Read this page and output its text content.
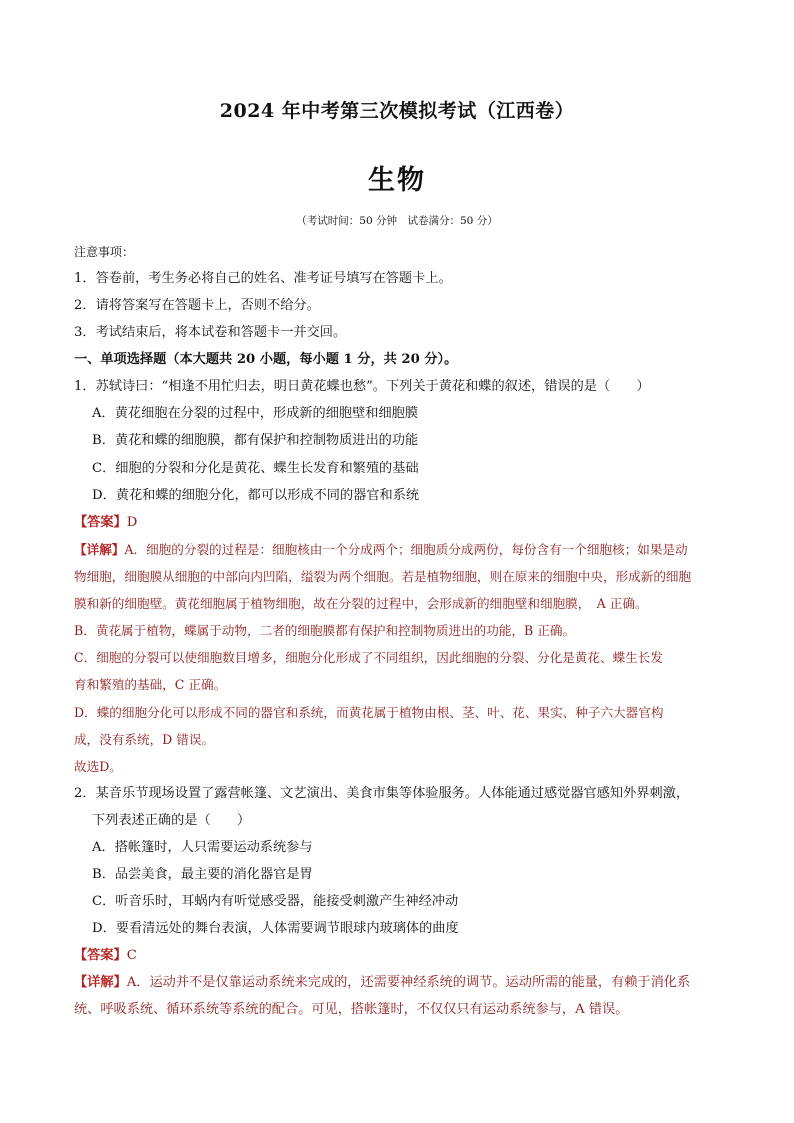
2024 年中考第三次模拟考试（江西卷）
生物
（考试时间：50 分钟　试卷满分：50 分）
注意事项：
1．答卷前，考生务必将自己的姓名、准考证号填写在答题卡上。
2．请将答案写在答题卡上，否则不给分。
3．考试结束后，将本试卷和答题卡一并交回。
一、单项选择题（本大题共 20 小题，每小题 1 分，共 20 分）。
1．苏轼诗曰：“相逢不用忙归去，明日黄花蝶也愁”。下列关于黄花和蝶的叙述，错误的是（　　）
A．黄花细胞在分裂的过程中，形成新的细胞壁和细胞膜
B．黄花和蝶的细胞膜，都有保护和控制物质进出的功能
C．细胞的分裂和分化是黄花、蝶生长发育和繁殖的基础
D．黄花和蝶的细胞分化，都可以形成不同的器官和系统
【答案】D
【详解】A．细胞的分裂的过程是：细胞核由一个分成两个；细胞质分成两份，每份含有一个细胞核；如果是动
物细胞，细胞膜从细胞的中部向内凹陷，缢裂为两个细胞。若是植物细胞，则在原来的细胞中央，形成新的细胞
膜和新的细胞壁。黄花细胞属于植物细胞，故在分裂的过程中，会形成新的细胞壁和细胞膜，　A 正确。
B．黄花属于植物，蝶属于动物，二者的细胞膜都有保护和控制物质进出的功能，B 正确。
C．细胞的分裂可以使细胞数目增多，细胞分化形成了不同组织，因此细胞的分裂、分化是黄花、蝶生长发
育和繁殖的基础，C 正确。
D．蝶的细胞分化可以形成不同的器官和系统，而黄花属于植物由根、茎、叶、花、果实、种子六大器官构
成，没有系统，D 错误。
故选D。
2．某音乐节现场设置了露营帐篷、文艺演出、美食市集等体验服务。人体能通过感觉器官感知外界刺激，
下列表述正确的是（　　）
A．搭帐篷时，人只需要运动系统参与
B．品尝美食，最主要的消化器官是胃
C．听音乐时，耳蜗内有听觉感受器，能接受刺激产生神经冲动
D．要看清远处的舞台表演，人体需要调节眼球内玻璃体的曲度
【答案】C
【详解】A．运动并不是仅靠运动系统来完成的，还需要神经系统的调节。运动所需的能量，有赖于消化系
统、呼吸系统、循环系统等系统的配合。可见，搭帐篷时，不仅仅只有运动系统参与，A 错误。
